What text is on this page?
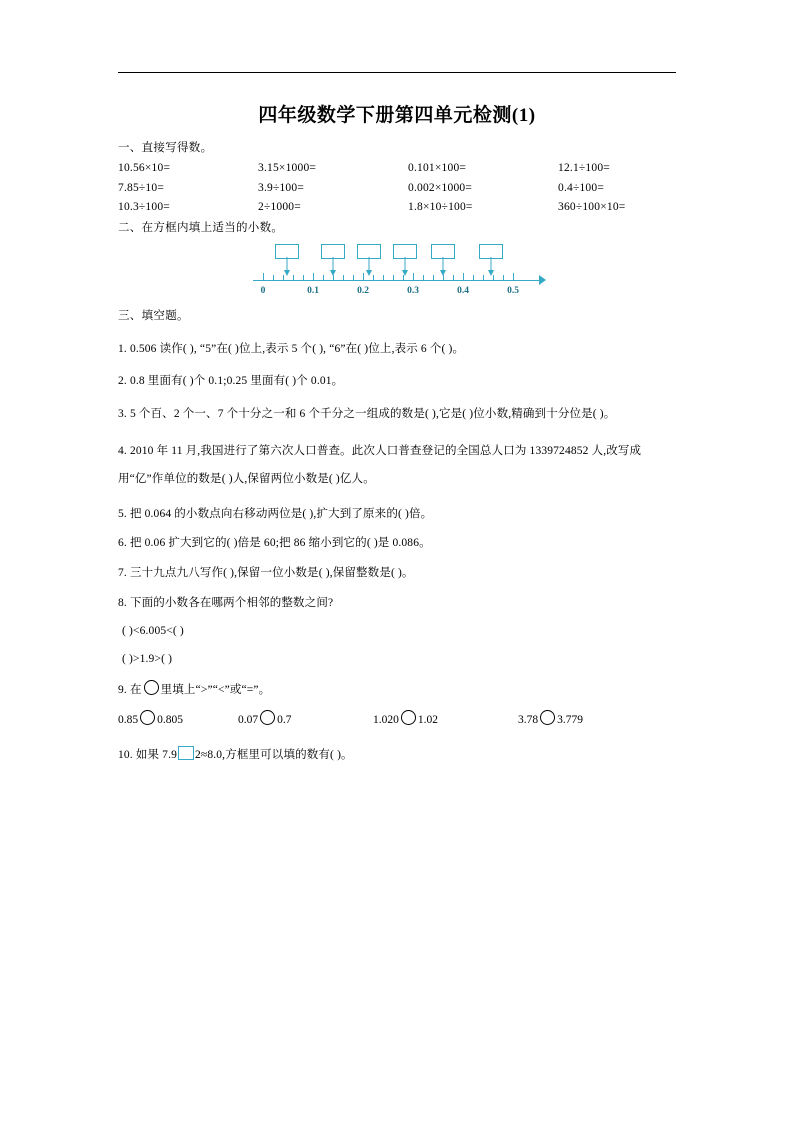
四年级数学下册第四单元检测(1)
一、直接写得数。
10.56×10=	3.15×1000=	0.101×100=	12.1÷100=
7.85÷10=	3.9÷100=	0.002×1000=	0.4÷100=
10.3÷100=	2÷1000=	1.8×10÷100=	360÷100×10=
二、在方框内填上适当的小数。
0	0.1	0.2	0.3	0.4	0.5
三、填空题。
1. 0.506 读作( ), “5”在( )位上,表示 5 个( ), “6”在( )位上,表示 6 个( )。
2. 0.8 里面有( )个 0.1;0.25 里面有( )个 0.01。
3. 5 个百、2 个一、7 个十分之一和 6 个千分之一组成的数是( ),它是( )位小数,精确到十分位是( )。
4. 2010 年 11 月,我国进行了第六次人口普查。此次人口普查登记的全国总人口为 1339724852 人,改写成用“亿”作单位的数是( )人,保留两位小数是( )亿人。
5. 把 0.064 的小数点向右移动两位是( ),扩大到了原来的( )倍。
6. 把 0.06 扩大到它的( )倍是 60;把 86 缩小到它的( )是 0.086。
7. 三十九点九八写作( ),保留一位小数是( ),保留整数是( )。
8. 下面的小数各在哪两个相邻的整数之间?
( )<6.005<( )
( )>1.9>( )
9. 在 里填上“>”“<”或“=”。
0.85 0.805	0.07 0.7	1.020 1.02	3.78 3.779
10. 如果 7.9 2≈8.0,方框里可以填的数有( )。
